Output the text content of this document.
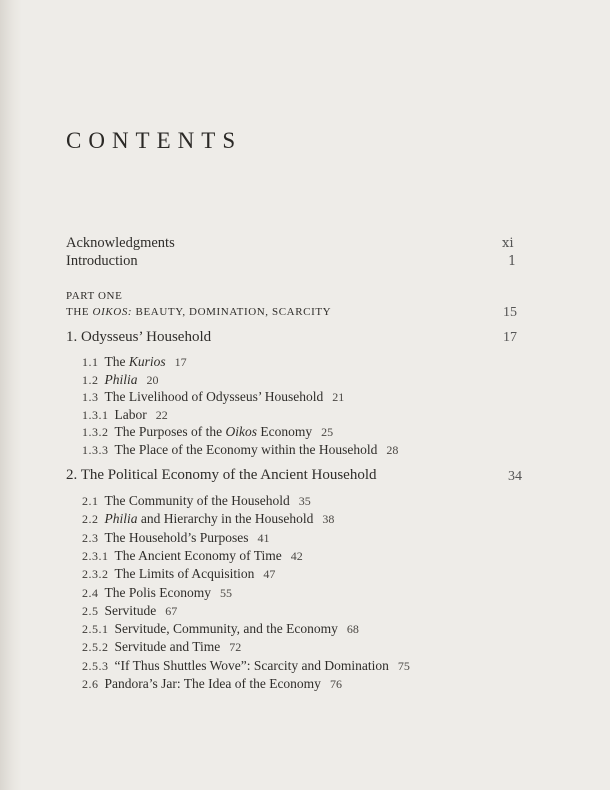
CONTENTS
Acknowledgments	xi
Introduction	1
PART ONE
THE OIKOS: BEAUTY, DOMINATION, SCARCITY	15
1. Odysseus’ Household	17
1.1 The Kurios 17
1.2 Philia 20
1.3 The Livelihood of Odysseus’ Household 21
1.3.1 Labor 22
1.3.2 The Purposes of the Oikos Economy 25
1.3.3 The Place of the Economy within the Household 28
2. The Political Economy of the Ancient Household	34
2.1 The Community of the Household 35
2.2 Philia and Hierarchy in the Household 38
2.3 The Household’s Purposes 41
2.3.1 The Ancient Economy of Time 42
2.3.2 The Limits of Acquisition 47
2.4 The Polis Economy 55
2.5 Servitude 67
2.5.1 Servitude, Community, and the Economy 68
2.5.2 Servitude and Time 72
2.5.3 “If Thus Shuttles Wove”: Scarcity and Domination 75
2.6 Pandora’s Jar: The Idea of the Economy 76
